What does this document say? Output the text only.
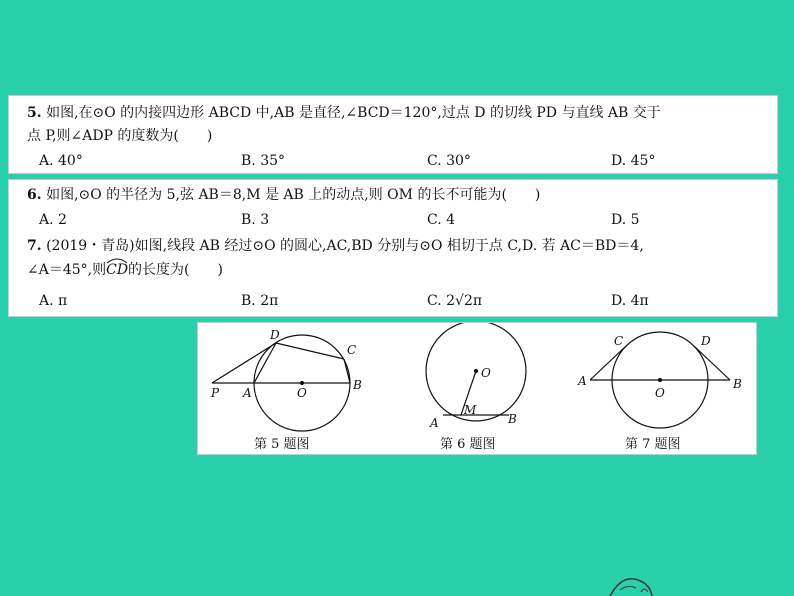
5. 如图,在⊙O 的内接四边形 ABCD 中,AB 是直径,∠BCD＝120°,过点 D 的切线 PD 与直线 AB 交于
点 P,则∠ADP 的度数为(　　)
A. 40°	B. 35°	C. 30°	D. 45°
6. 如图,⊙O 的半径为 5,弦 AB＝8,M 是 AB 上的动点,则 OM 的长不可能为(　　)
A. 2	B. 3	C. 4	D. 5
7. (2019・青岛)如图,线段 AB 经过⊙O 的圆心,AC,BD 分别与⊙O 相切于点 C,D. 若 AC＝BD＝4,
∠A＝45°,则
CD的长度为(　　)
A. π	B. 2π	C. 2√2π	D. 4π
D
C
P A	O
B
O
A
M
B
C	D
A
O
B
第 5 题图	第 6 题图	第 7 题图
